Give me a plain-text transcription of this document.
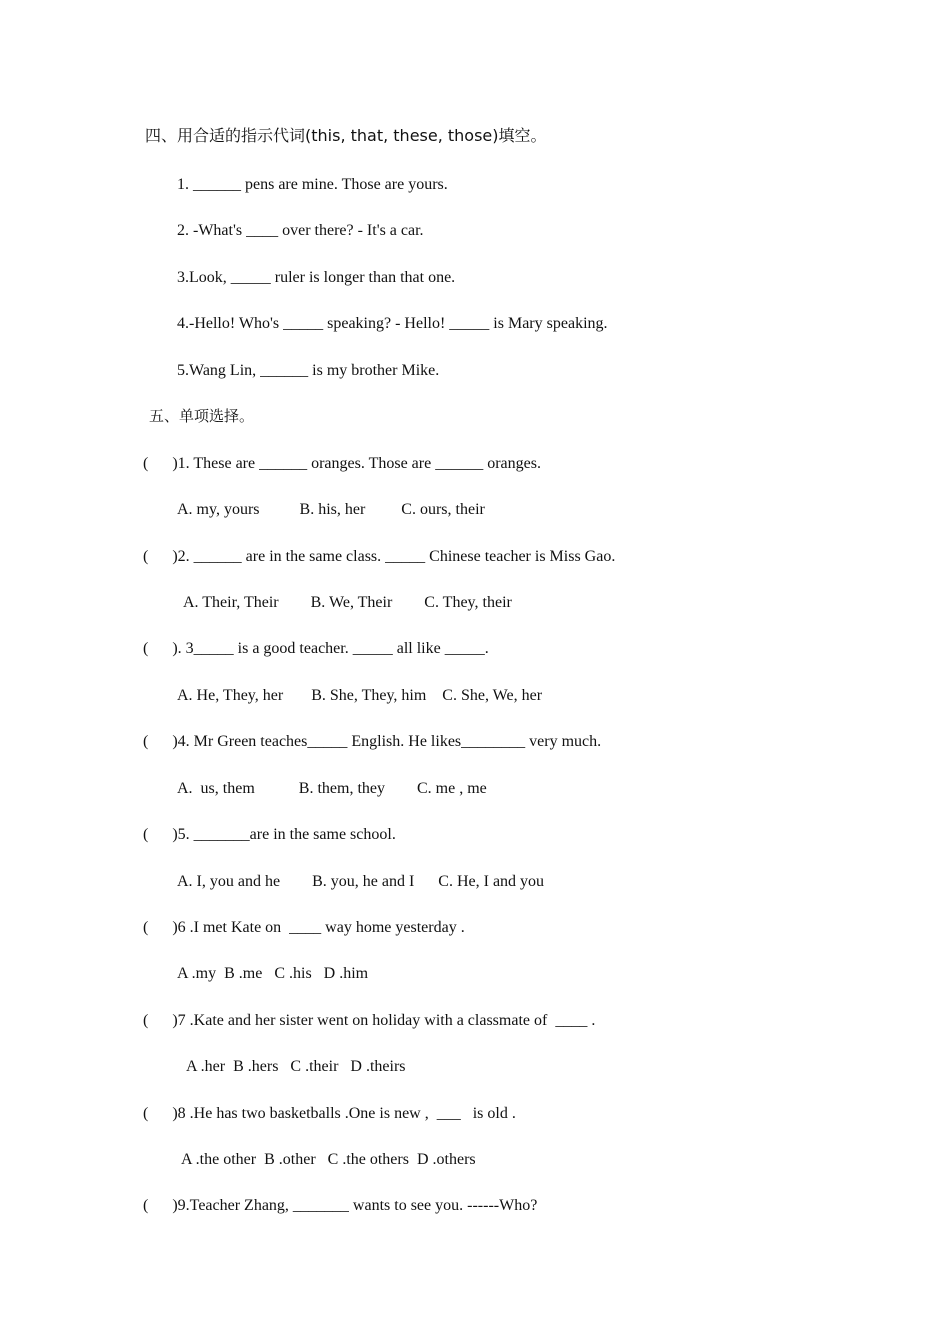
四、用合适的指示代词(this, that, these, those)填空。
1. ______ pens are mine. Those are yours.
2. -What's ____ over there? - It's a car.
3.Look, _____ ruler is longer than that one.
4.-Hello! Who's _____ speaking? - Hello! _____ is Mary speaking.
5.Wang Lin, ______ is my brother Mike.
五、单项选择。
(      )1. These are ______ oranges. Those are ______ oranges.
A. my, yours          B. his, her         C. ours, their
(      )2. ______ are in the same class. _____ Chinese teacher is Miss Gao.
A. Their, Their        B. We, Their        C. They, their
(      ). 3_____ is a good teacher. _____ all like _____.
A. He, They, her       B. She, They, him    C. She, We, her
(      )4. Mr Green teaches_____ English. He likes________ very much.
A.  us, them           B. them, they        C. me , me
(      )5. _______are in the same school.
A. I, you and he        B. you, he and I      C. He, I and you
(      )6 .I met Kate on  ____ way home yesterday .
A .my  B .me   C .his   D .him
(      )7 .Kate and her sister went on holiday with a classmate of  ____ .
A .her  B .hers   C .their   D .theirs
(      )8 .He has two basketballs .One is new ,  ___   is old .
A .the other  B .other   C .the others  D .others
(      )9.Teacher Zhang, _______ wants to see you. ------Who?
